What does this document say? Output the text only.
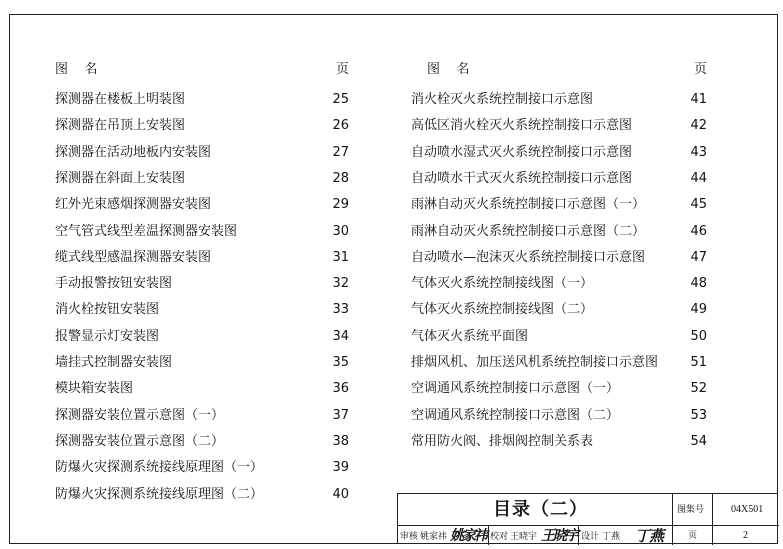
图    名	页	图    名	页
探测器在楼板上明装图	25
探测器在吊顶上安装图	26
探测器在活动地板内安装图	27
探测器在斜面上安装图	28
红外光束感烟探测器安装图	29
空气管式线型差温探测器安装图	30
缆式线型感温探测器安装图	31
手动报警按钮安装图	32
消火栓按钮安装图	33
报警显示灯安装图	34
墙挂式控制器安装图	35
模块箱安装图	36
探测器安装位置示意图（一）	37
探测器安装位置示意图（二）	38
防爆火灾探测系统接线原理图（一）	39
防爆火灾探测系统接线原理图（二）	40
消火栓灭火系统控制接口示意图	41
高低区消火栓灭火系统控制接口示意图	42
自动喷水湿式灭火系统控制接口示意图	43
自动喷水干式灭火系统控制接口示意图	44
雨淋自动灭火系统控制接口示意图（一）	45
雨淋自动灭火系统控制接口示意图（二）	46
自动喷水—泡沫灭火系统控制接口示意图	47
气体灭火系统控制接线图（一）	48
气体灭火系统控制接线图（二）	49
气体灭火系统平面图	50
排烟风机、加压送风机系统控制接口示意图	51
空调通风系统控制接口示意图（一）	52
空调通风系统控制接口示意图（二）	53
常用防火阀、排烟阀控制关系表	54
目录（二）	图集号	04X501
页	2
审核 姚家祎 姚家祎 校对 王晓宇 王晓宇 设计 丁燕 丁燕
